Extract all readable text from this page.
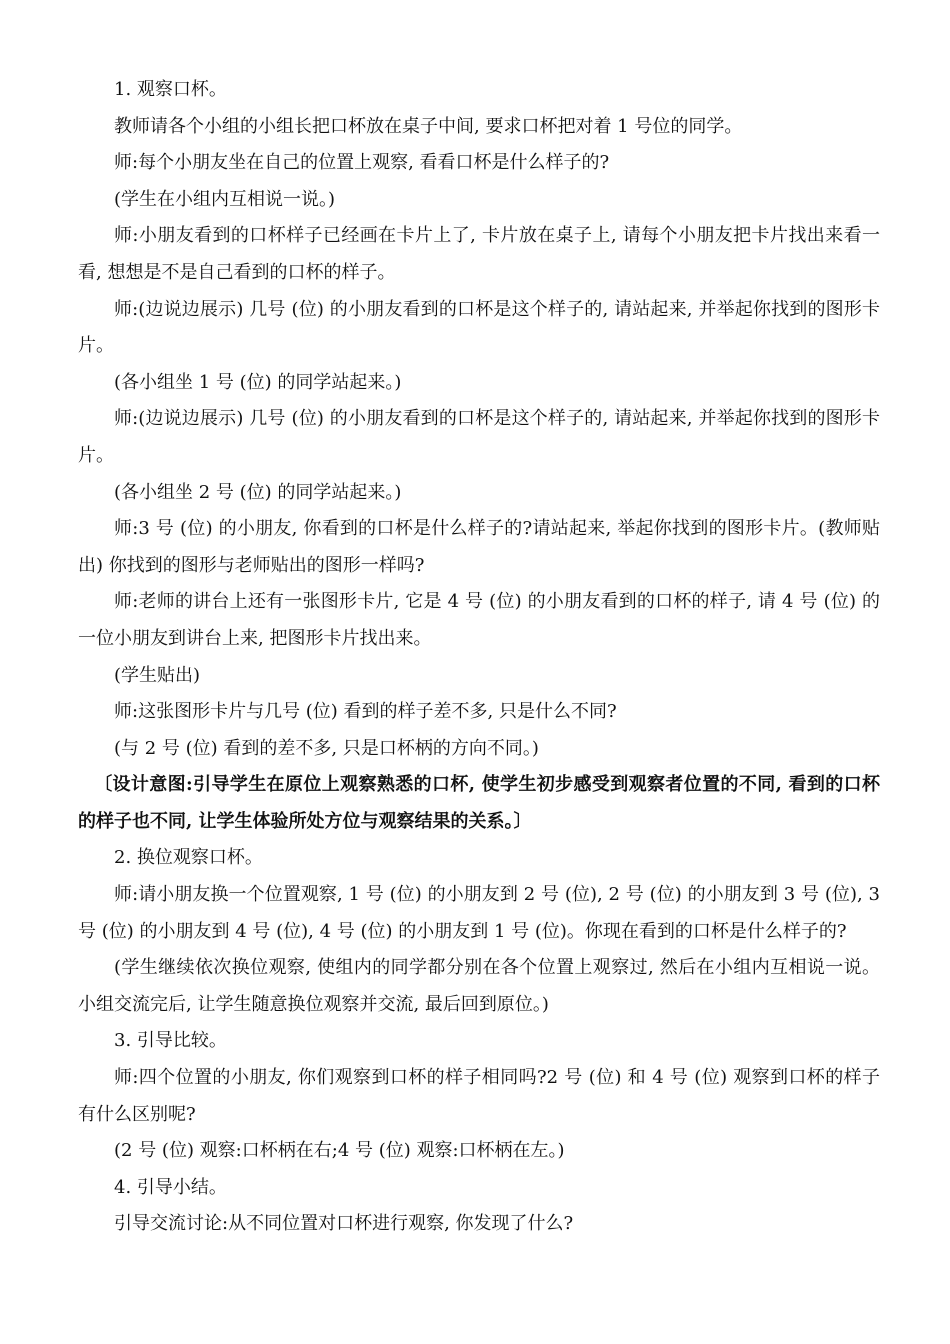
1. 观察口杯。

教师请各个小组的小组长把口杯放在桌子中间, 要求口杯把对着 1 号位的同学。

师:每个小朋友坐在自己的位置上观察, 看看口杯是什么样子的?

(学生在小组内互相说一说。)

师:小朋友看到的口杯样子已经画在卡片上了, 卡片放在桌子上, 请每个小朋友把卡片找出来看一看, 想想是不是自己看到的口杯的样子。

师:(边说边展示) 几号 (位) 的小朋友看到的口杯是这个样子的, 请站起来, 并举起你找到的图形卡片。

(各小组坐 1 号 (位) 的同学站起来。)

师:(边说边展示) 几号 (位) 的小朋友看到的口杯是这个样子的, 请站起来, 并举起你找到的图形卡片。

(各小组坐 2 号 (位) 的同学站起来。)

师:3 号 (位) 的小朋友, 你看到的口杯是什么样子的?请站起来, 举起你找到的图形卡片。(教师贴出) 你找到的图形与老师贴出的图形一样吗?

师:老师的讲台上还有一张图形卡片, 它是 4 号 (位) 的小朋友看到的口杯的样子, 请 4 号 (位) 的一位小朋友到讲台上来, 把图形卡片找出来。

(学生贴出)

师:这张图形卡片与几号 (位) 看到的样子差不多, 只是什么不同?

(与 2 号 (位) 看到的差不多, 只是口杯柄的方向不同。)

〔设计意图:引导学生在原位上观察熟悉的口杯, 使学生初步感受到观察者位置的不同, 看到的口杯的样子也不同, 让学生体验所处方位与观察结果的关系。〕

2. 换位观察口杯。

师:请小朋友换一个位置观察, 1 号 (位) 的小朋友到 2 号 (位), 2 号 (位) 的小朋友到 3 号 (位), 3 号 (位) 的小朋友到 4 号 (位), 4 号 (位) 的小朋友到 1 号 (位)。你现在看到的口杯是什么样子的?

(学生继续依次换位观察, 使组内的同学都分别在各个位置上观察过, 然后在小组内互相说一说。小组交流完后, 让学生随意换位观察并交流, 最后回到原位。)

3. 引导比较。

师:四个位置的小朋友, 你们观察到口杯的样子相同吗?2 号 (位) 和 4 号 (位) 观察到口杯的样子有什么区别呢?

(2 号 (位) 观察:口杯柄在右;4 号 (位) 观察:口杯柄在左。)

4. 引导小结。

引导交流讨论:从不同位置对口杯进行观察, 你发现了什么?
